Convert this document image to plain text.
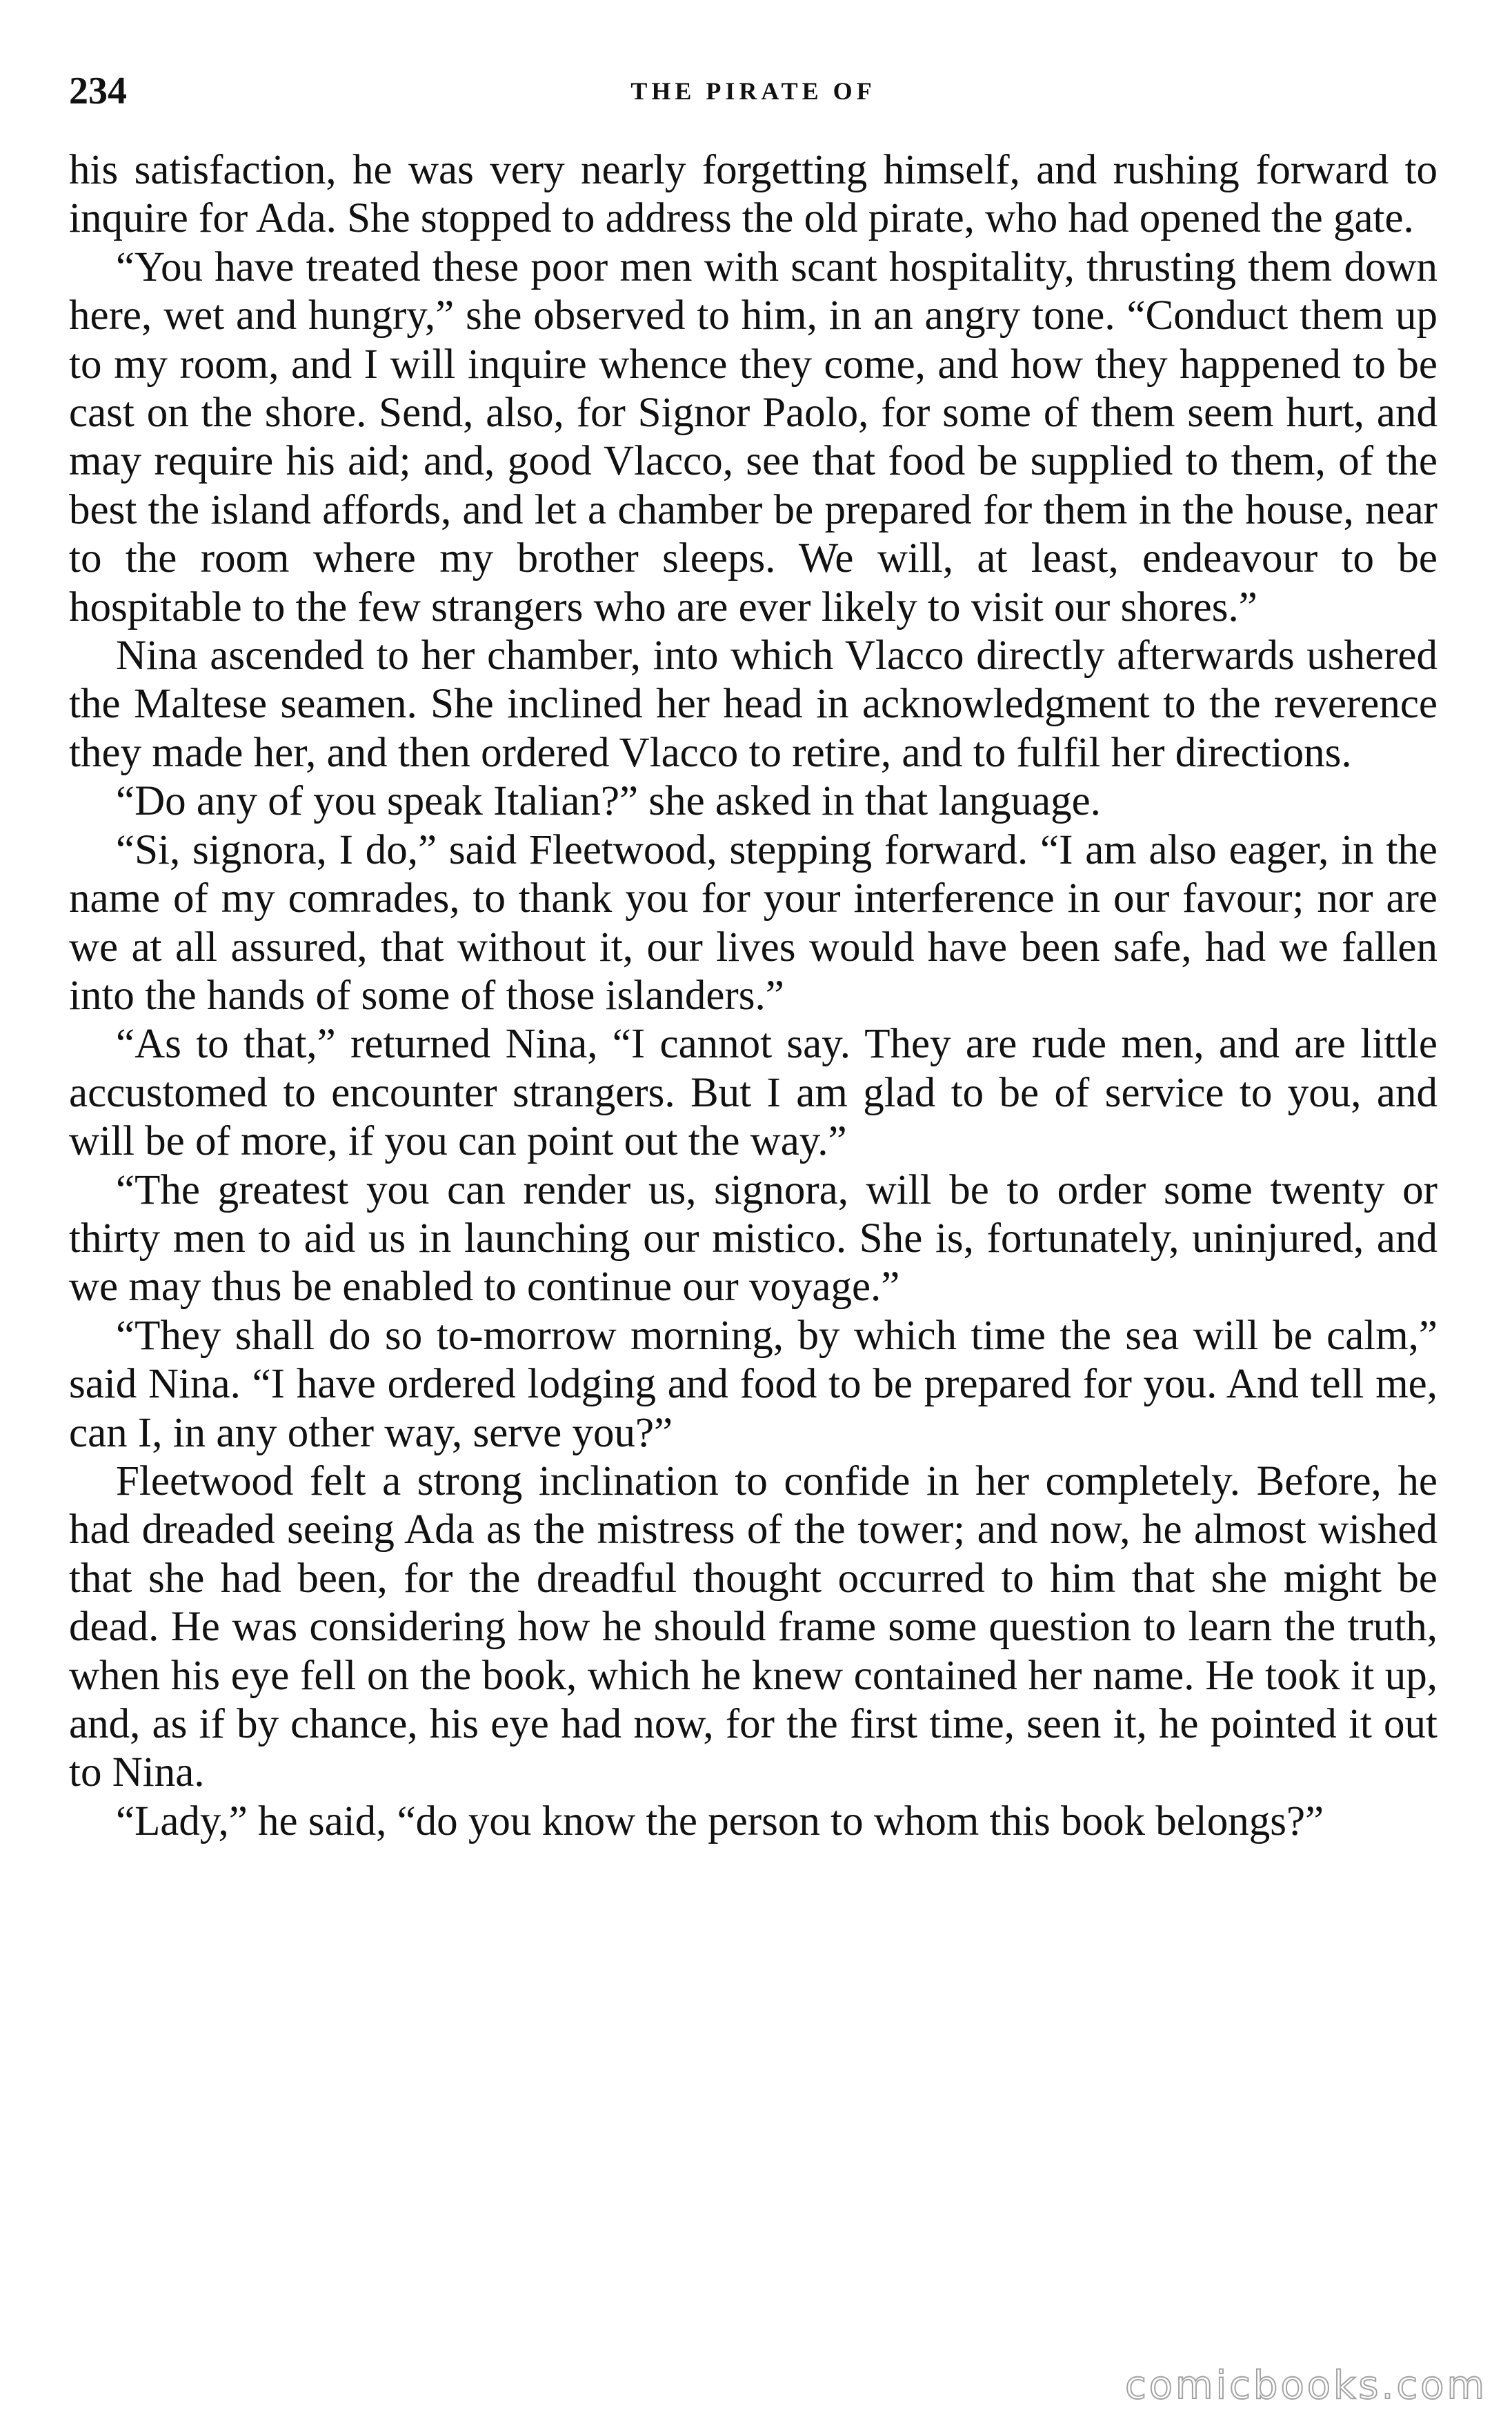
234	THE PIRATE OF

his satisfaction, he was very nearly forgetting himself, and rushing forward to inquire for Ada. She stopped to address the old pirate, who had opened the gate.

“You have treated these poor men with scant hospitality, thrusting them down here, wet and hungry,” she observed to him, in an angry tone. “Conduct them up to my room, and I will inquire whence they come, and how they happened to be cast on the shore. Send, also, for Signor Paolo, for some of them seem hurt, and may require his aid; and, good Vlacco, see that food be supplied to them, of the best the island affords, and let a chamber be prepared for them in the house, near to the room where my brother sleeps. We will, at least, endeavour to be hospitable to the few strangers who are ever likely to visit our shores.”

Nina ascended to her chamber, into which Vlacco directly afterwards ushered the Maltese seamen. She inclined her head in acknowledgment to the reverence they made her, and then ordered Vlacco to retire, and to fulfil her directions.

“Do any of you speak Italian?” she asked in that language.

“Si, signora, I do,” said Fleetwood, stepping forward. “I am also eager, in the name of my comrades, to thank you for your interference in our favour; nor are we at all assured, that without it, our lives would have been safe, had we fallen into the hands of some of those islanders.”

“As to that,” returned Nina, “I cannot say. They are rude men, and are little accustomed to encounter strangers. But I am glad to be of service to you, and will be of more, if you can point out the way.”

“The greatest you can render us, signora, will be to order some twenty or thirty men to aid us in launching our mistico. She is, fortunately, uninjured, and we may thus be enabled to continue our voyage.”

“They shall do so to-morrow morning, by which time the sea will be calm,” said Nina. “I have ordered lodging and food to be prepared for you. And tell me, can I, in any other way, serve you?”

Fleetwood felt a strong inclination to confide in her completely. Before, he had dreaded seeing Ada as the mistress of the tower; and now, he almost wished that she had been, for the dreadful thought occurred to him that she might be dead. He was considering how he should frame some question to learn the truth, when his eye fell on the book, which he knew contained her name. He took it up, and, as if by chance, his eye had now, for the first time, seen it, he pointed it out to Nina.

“Lady,” he said, “do you know the person to whom this book belongs?”

comicbooks.com
